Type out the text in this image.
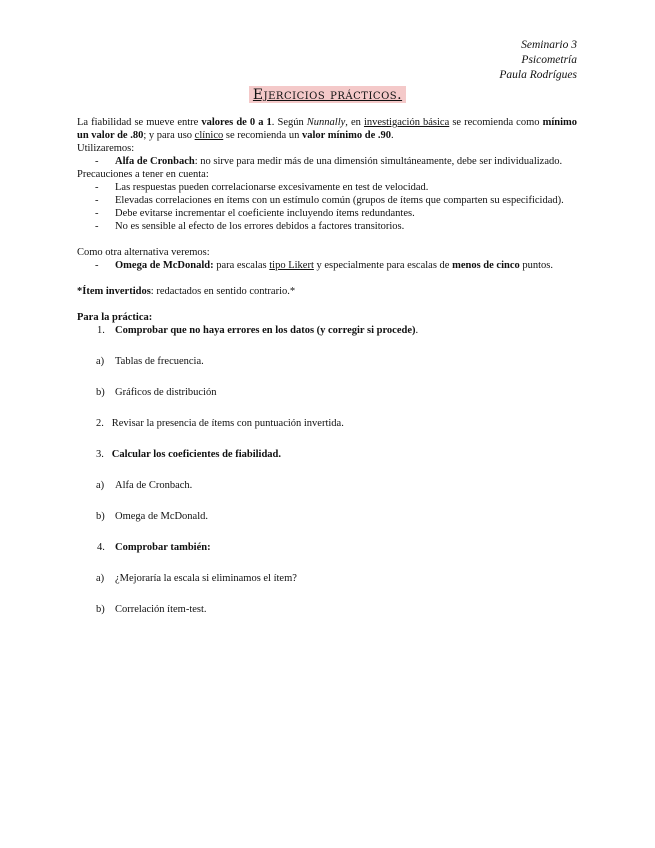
Seminario 3
Psicometría
Paula Rodrígues
Ejercicios prácticos.

La fiabilidad se mueve entre valores de 0 a 1. Según Nunnally, en investigación básica se recomienda como mínimo un valor de .80; y para uso clínico se recomienda un valor mínimo de .90.

Utilizaremos:

- Alfa de Cronbach: no sirve para medir más de una dimensión simultáneamente, debe ser individualizado.

Precauciones a tener en cuenta:

- Las respuestas pueden correlacionarse excesivamente en test de velocidad.
- Elevadas correlaciones en ítems con un estímulo común (grupos de ítems que comparten su especificidad).
- Debe evitarse incrementar el coeficiente incluyendo ítems redundantes.
- No es sensible al efecto de los errores debidos a factores transitorios.

Como otra alternativa veremos:

- Omega de McDonald: para escalas tipo Likert y especialmente para escalas de menos de cinco puntos.

*Ítem invertidos: redactados en sentido contrario.*

Para la práctica:

1. Comprobar que no haya errores en los datos (y corregir si procede).

a) Tablas de frecuencia.

b) Gráficos de distribución

2. Revisar la presencia de ítems con puntuación invertida.

3. Calcular los coeficientes de fiabilidad.

a) Alfa de Cronbach.

b) Omega de McDonald.

4. Comprobar también:

a) ¿Mejoraría la escala si eliminamos el ítem?

b) Correlación ítem-test.
